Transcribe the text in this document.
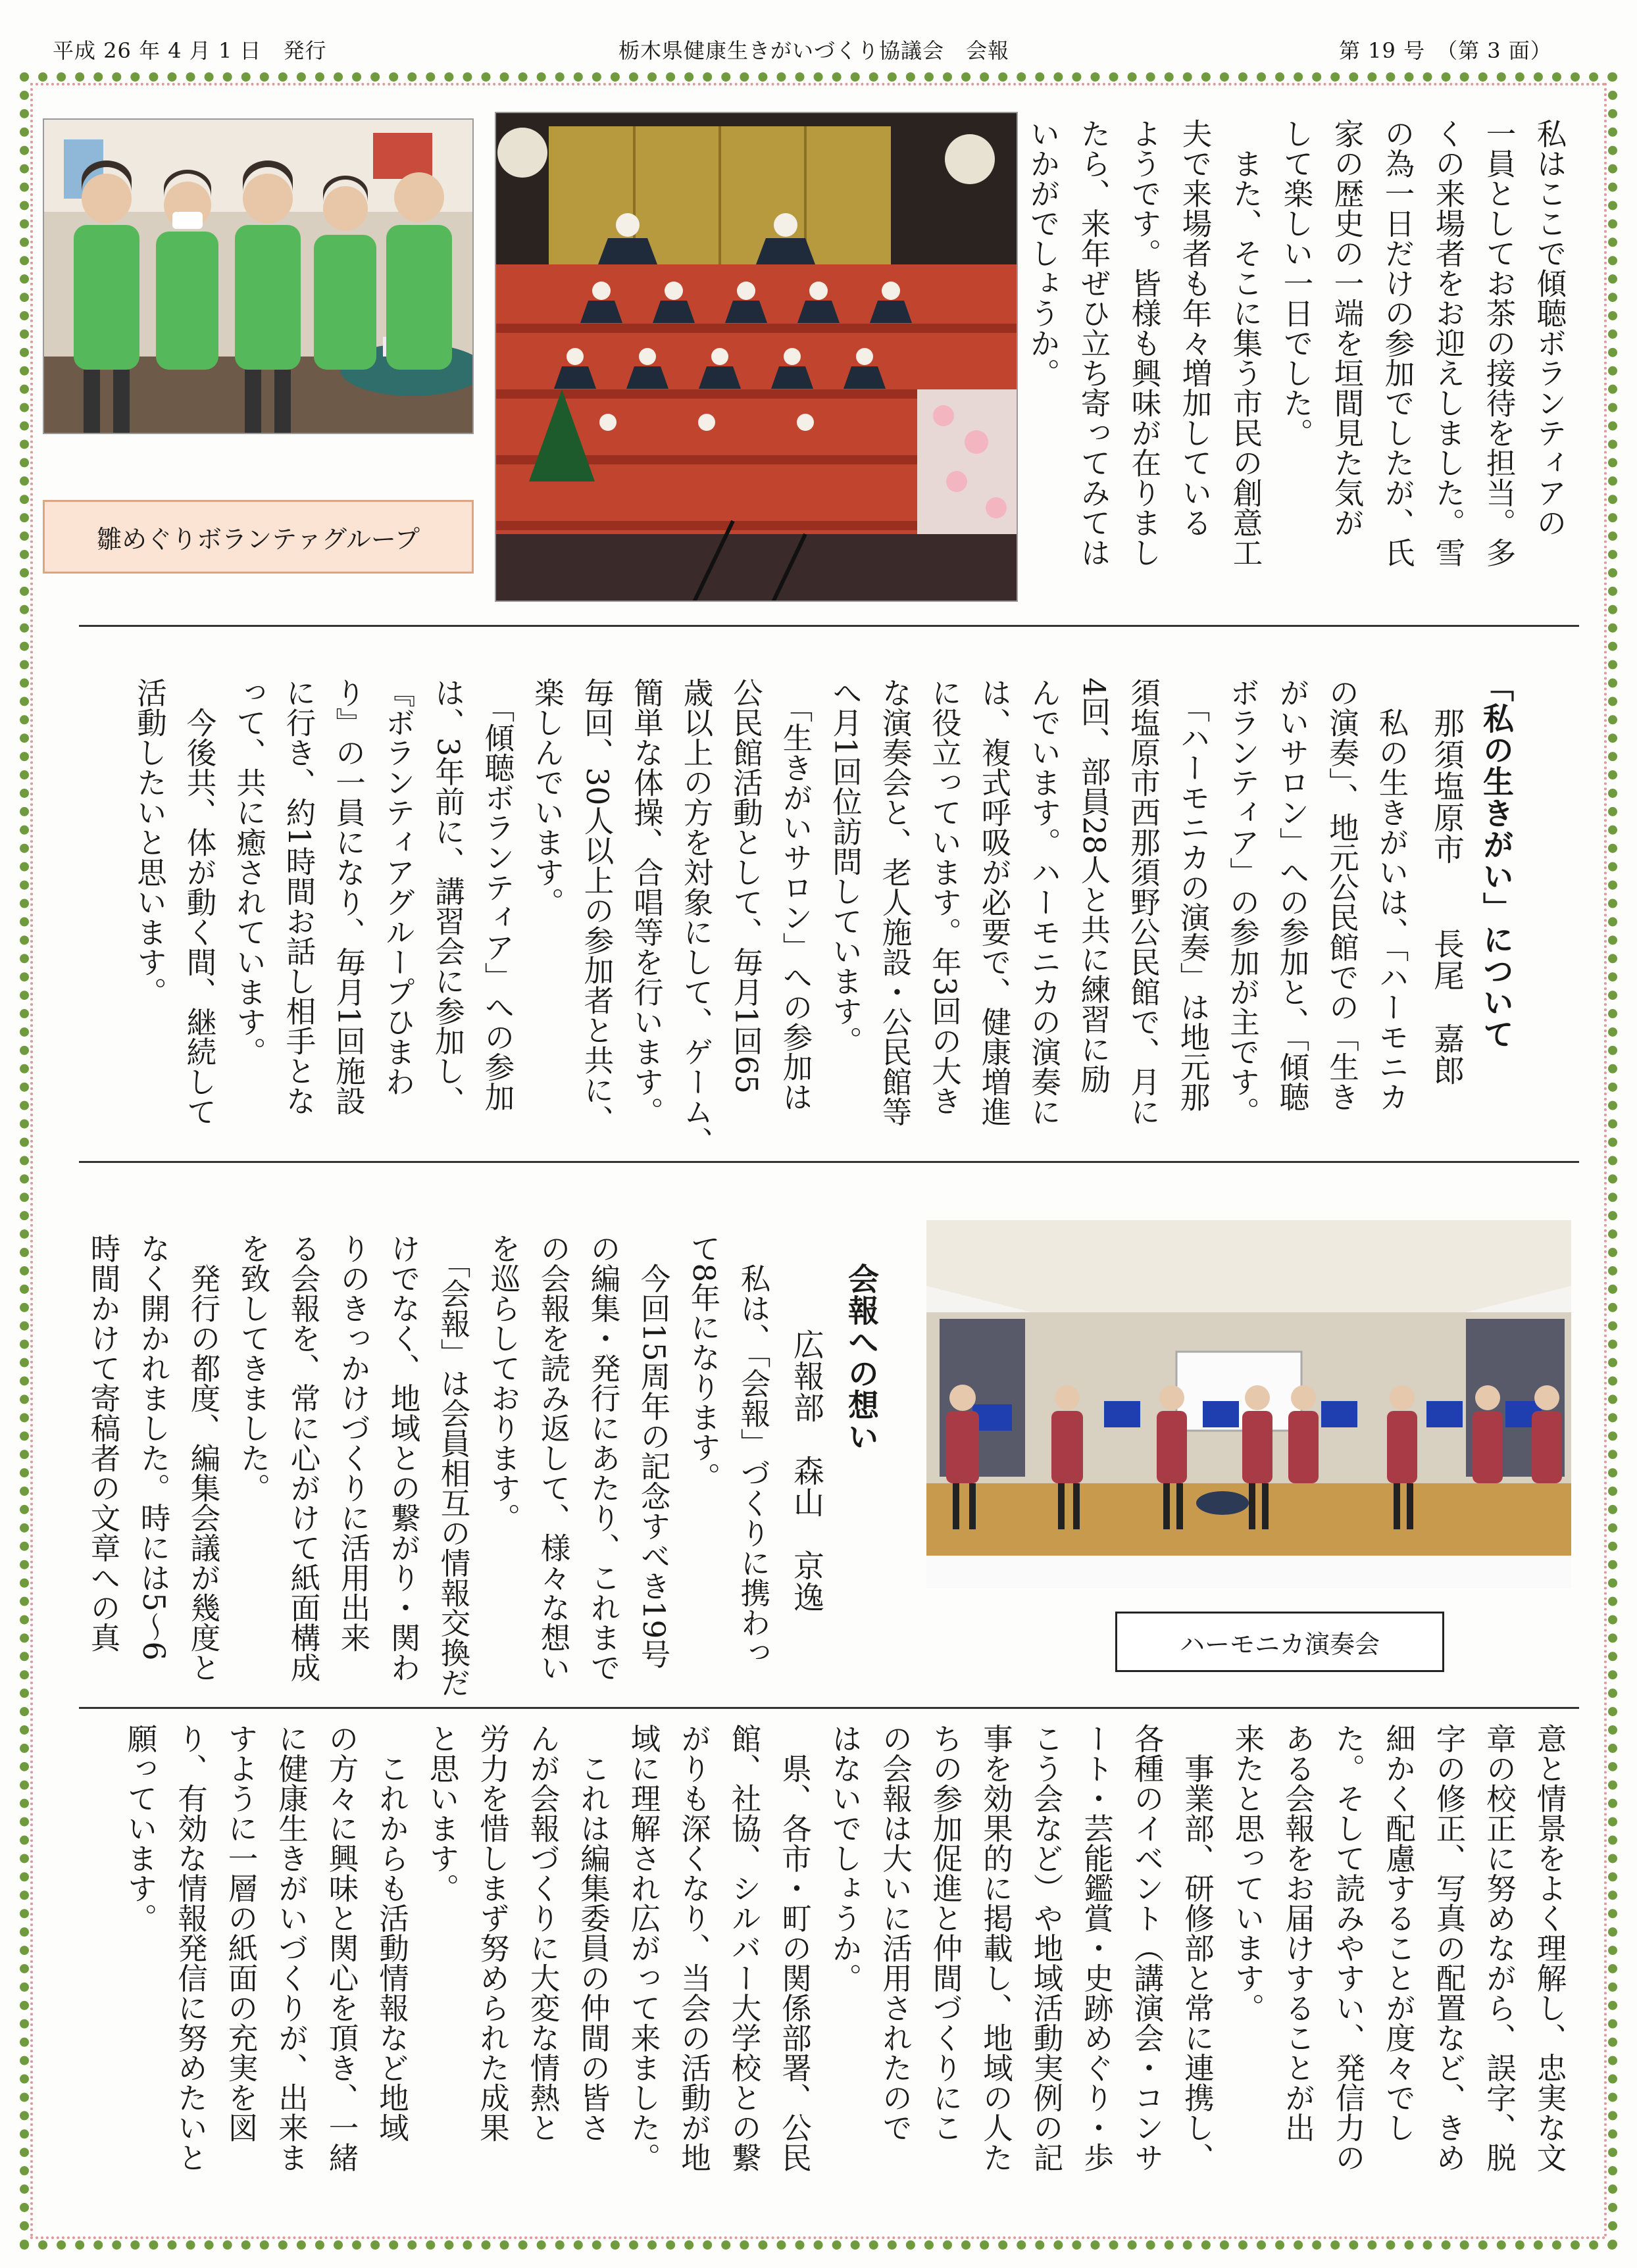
平成 26 年 4 月 1 日　発行	栃木県健康生きがいづくり協議会　会報	第 19 号　（第 3 面）
雛めぐりボランテァグループ
ハーモニカ演奏会
私はここで傾聴ボランティアの
一員としてお茶の接待を担当。多
くの来場者をお迎えしました。雪
の為一日だけの参加でしたが、氏
家の歴史の一端を垣間見た気が
して楽しい一日でした。
　また、そこに集う市民の創意工
夫で来場者も年々増加している
ようです。皆様も興味が在りまし
たら、来年ぜひ立ち寄ってみては
いかがでしょうか。
「私の生きがい」について
那須塩原市　　長尾　嘉郎
　私の生きがいは、「ハーモニカ
の演奏」、地元公民館での「生き
がいサロン」への参加と、「傾聴
ボランティア」の参加が主です。
　「ハーモニカの演奏」は地元那
須塩原市西那須野公民館で、月に
4回、部員28人と共に練習に励
んでいます。ハーモニカの演奏に
は、複式呼吸が必要で、健康増進
に役立っています。年3回の大き
な演奏会と、老人施設・公民館等
へ月1回位訪問しています。
　「生きがいサロン」への参加は
公民館活動として、毎月1回65
歳以上の方を対象にして、ゲーム、
簡単な体操、合唱等を行います。
毎回、30人以上の参加者と共に、
楽しんでいます。
　「傾聴ボランティア」への参加
は、3年前に、講習会に参加し、
『ボランティアグループひまわ
り』の一員になり、毎月1回施設
に行き、約1時間お話し相手とな
って、共に癒されています。
　今後共、体が動く間、継続して
活動したいと思います。
会報への想い
広報部　森山　京逸
　私は、「会報」づくりに携わっ
て8年になります。
　今回15周年の記念すべき19号
の編集・発行にあたり、これまで
の会報を読み返して、様々な想い
を巡らしております。
　「会報」は会員相互の情報交換だ
けでなく、地域との繋がり・関わ
りのきっかけづくりに活用出来
る会報を、常に心がけて紙面構成
を致してきました。
　発行の都度、編集会議が幾度と
なく開かれました。時には5～6
時間かけて寄稿者の文章への真
意と情景をよく理解し、忠実な文
章の校正に努めながら、誤字、脱
字の修正、写真の配置など、きめ
細かく配慮することが度々でし
た。そして読みやすい、発信力の
ある会報をお届けすることが出
来たと思っています。
　事業部、研修部と常に連携し、
各種のイベント（講演会・コンサ
ート・芸能鑑賞・史跡めぐり・歩
こう会など）や地域活動実例の記
事を効果的に掲載し、地域の人た
ちの参加促進と仲間づくりにこ
の会報は大いに活用されたので
はないでしょうか。
　県、各市・町の関係部署、公民
館、社協、シルバー大学校との繋
がりも深くなり、当会の活動が地
域に理解され広がって来ました。
　これは編集委員の仲間の皆さ
んが会報づくりに大変な情熱と
労力を惜しまず努められた成果
と思います。
　これからも活動情報など地域
の方々に興味と関心を頂き、一緒
に健康生きがいづくりが、出来ま
すように一層の紙面の充実を図
り、有効な情報発信に努めたいと
願っています。
